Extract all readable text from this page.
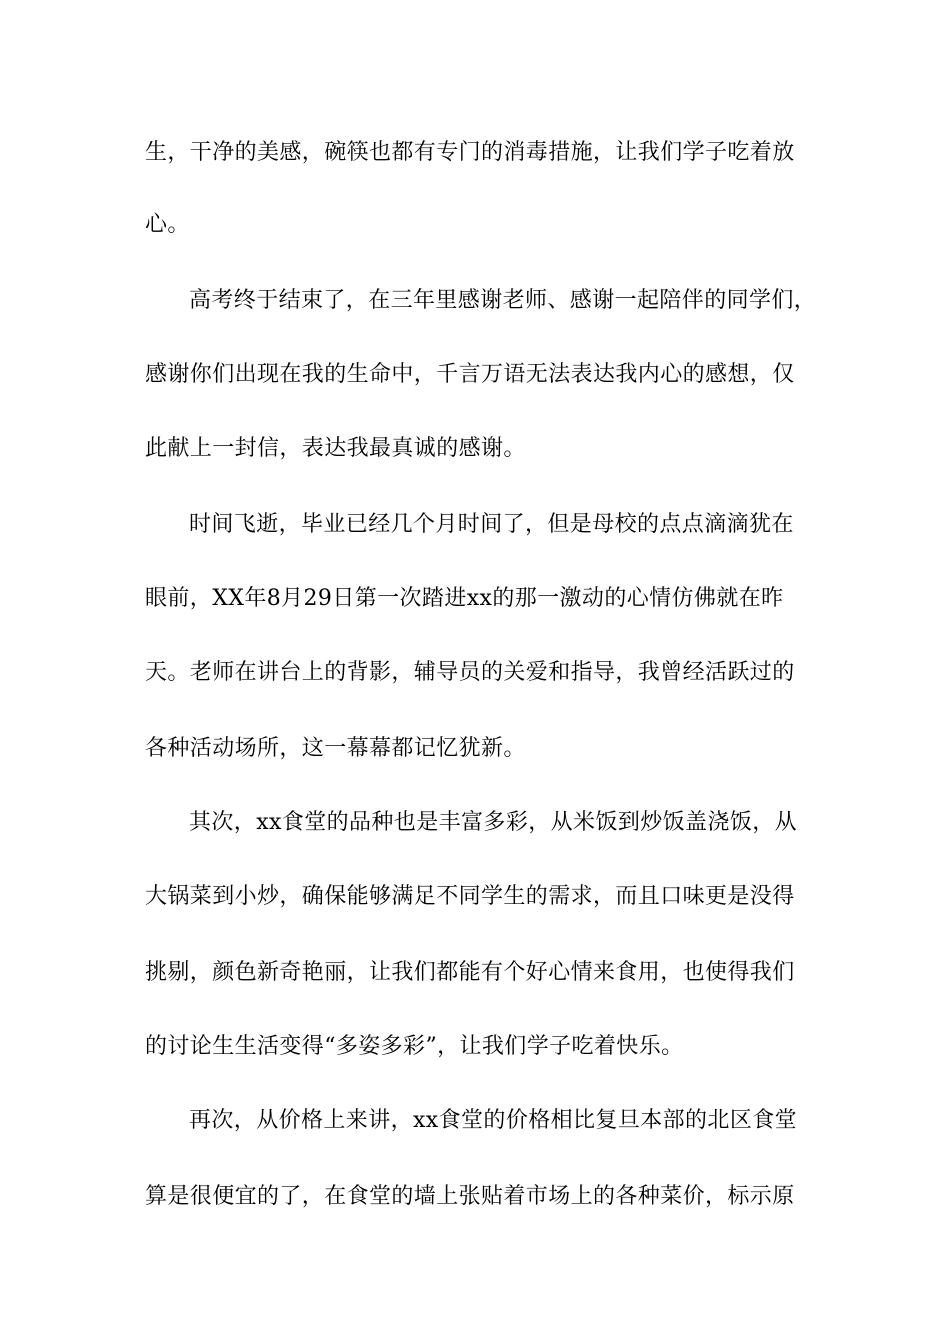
生，干净的美感，碗筷也都有专门的消毒措施，让我们学子吃着放

心。

高考终于结束了，在三年里感谢老师、感谢一起陪伴的同学们，

感谢你们出现在我的生命中，千言万语无法表达我内心的感想，仅

此献上一封信，表达我最真诚的感谢。

时间飞逝，毕业已经几个月时间了，但是母校的点点滴滴犹在

眼前，XX年8月29日第一次踏进xx的那一激动的心情仿佛就在昨

天。老师在讲台上的背影，辅导员的关爱和指导，我曾经活跃过的

各种活动场所，这一幕幕都记忆犹新。

其次，xx食堂的品种也是丰富多彩，从米饭到炒饭盖浇饭，从

大锅菜到小炒，确保能够满足不同学生的需求，而且口味更是没得

挑剔，颜色新奇艳丽，让我们都能有个好心情来食用，也使得我们

的讨论生生活变得“多姿多彩”，让我们学子吃着快乐。

再次，从价格上来讲，xx食堂的价格相比复旦本部的北区食堂

算是很便宜的了，在食堂的墙上张贴着市场上的各种菜价，标示原
